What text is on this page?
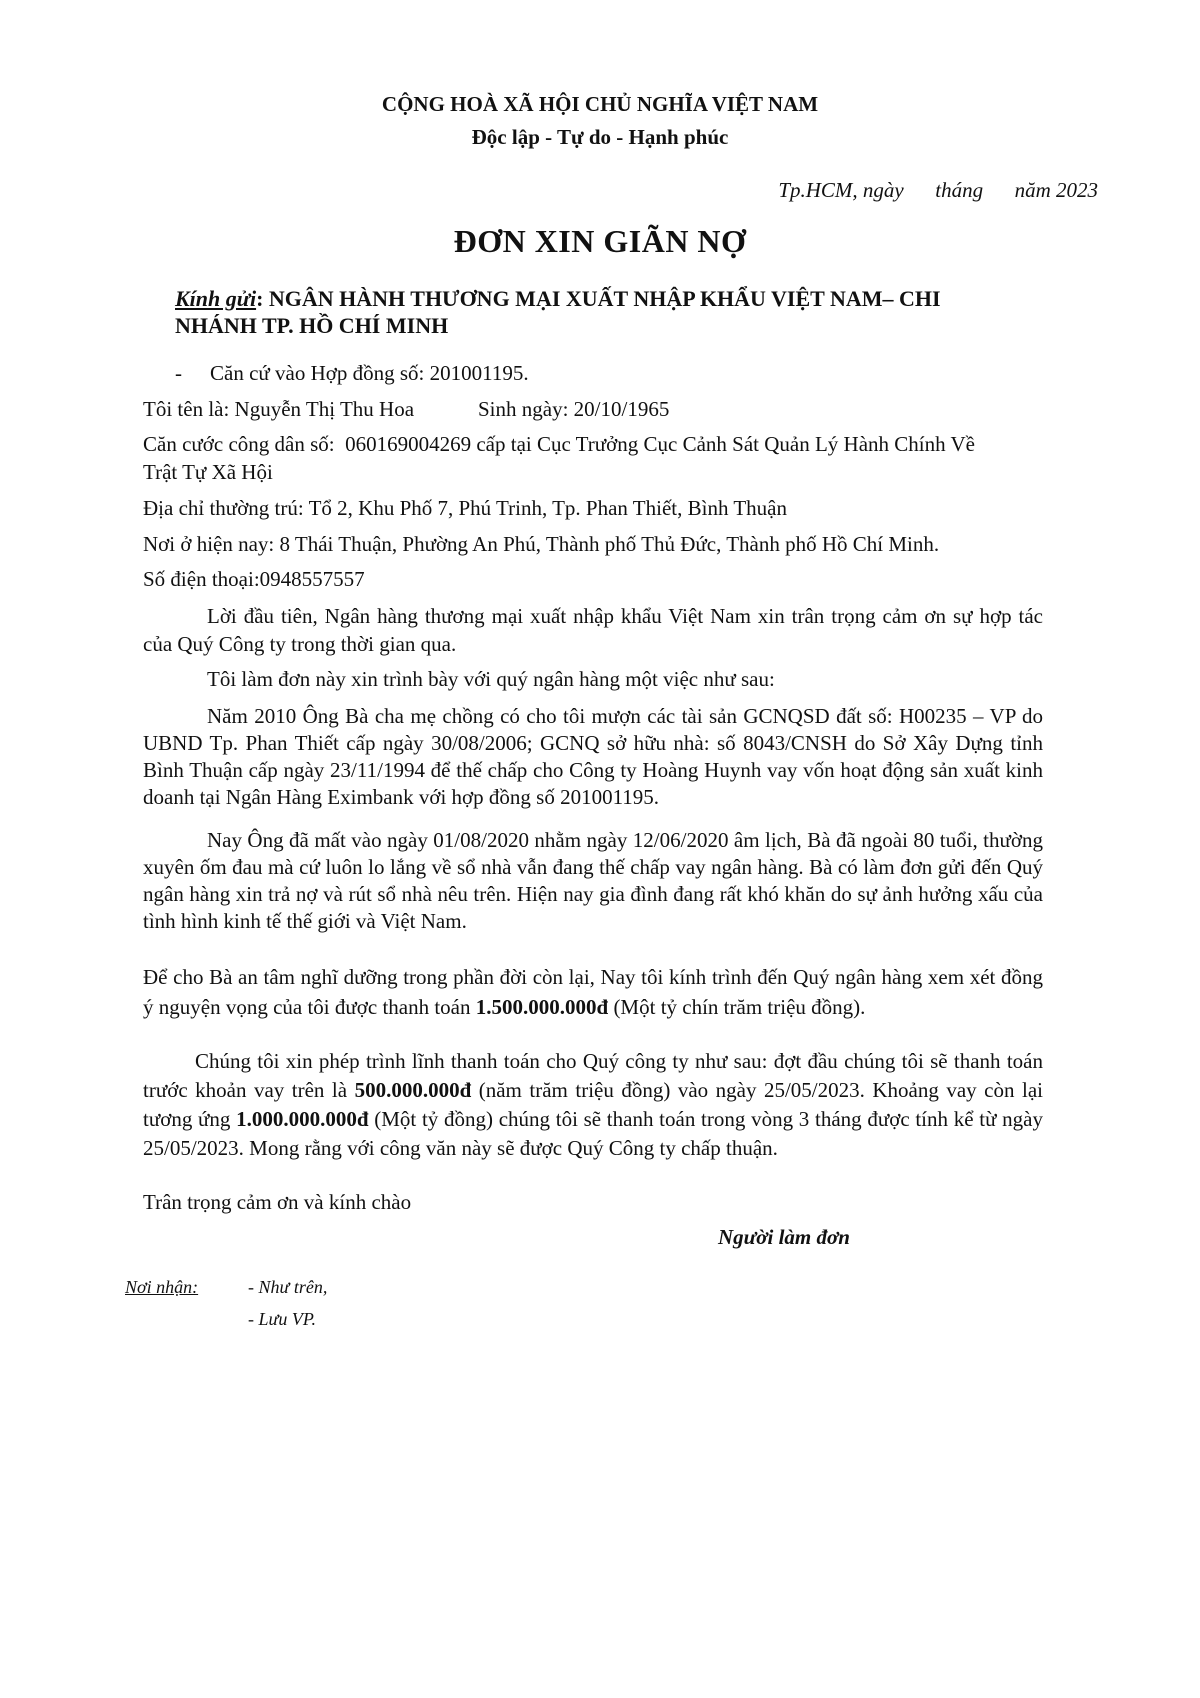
CỘNG HOÀ XÃ HỘI CHỦ NGHĨA VIỆT NAM
Độc lập - Tự do - Hạnh phúc
Tp.HCM, ngày      tháng      năm 2023
ĐƠN XIN GIÃN NỢ
Kính gửi: NGÂN HÀNH THƯƠNG MẠI XUẤT NHẬP KHẨU VIỆT NAM– CHI
NHÁNH TP. HỒ CHÍ MINH
- Căn cứ vào Hợp đồng số: 201001195.
Tôi tên là: Nguyễn Thị Thu Hoa	Sinh ngày: 20/10/1965
Căn cước công dân số:  060169004269 cấp tại Cục Trưởng Cục Cảnh Sát Quản Lý Hành Chính Về
Trật Tự Xã Hội
Địa chỉ thường trú: Tổ 2, Khu Phố 7, Phú Trinh, Tp. Phan Thiết, Bình Thuận
Nơi ở hiện nay: 8 Thái Thuận, Phường An Phú, Thành phố Thủ Đức, Thành phố Hồ Chí Minh.
Số điện thoại:0948557557
Lời đầu tiên, Ngân hàng thương mại xuất nhập khẩu Việt Nam xin trân trọng cảm ơn sự hợp tác của Quý Công ty trong thời gian qua.
Tôi làm đơn này xin trình bày với quý ngân hàng một việc như sau:
Năm 2010 Ông Bà cha mẹ chồng có cho tôi mượn các tài sản GCNQSD đất số: H00235 – VP do UBND Tp. Phan Thiết cấp ngày 30/08/2006; GCNQ sở hữu nhà: số 8043/CNSH do Sở Xây Dựng tỉnh Bình Thuận cấp ngày 23/11/1994 để thế chấp cho Công ty Hoàng Huynh vay vốn hoạt động sản xuất kinh doanh tại Ngân Hàng Eximbank với hợp đồng số 201001195.
Nay Ông đã mất vào ngày 01/08/2020 nhằm ngày 12/06/2020 âm lịch, Bà đã ngoài 80 tuổi, thường xuyên ốm đau mà cứ luôn lo lắng về sổ nhà vẫn đang thế chấp vay ngân hàng. Bà có làm đơn gửi đến Quý ngân hàng xin trả nợ và rút sổ nhà nêu trên. Hiện nay gia đình đang rất khó khăn do sự ảnh hưởng xấu của tình hình kinh tế thế giới và Việt Nam.
Để cho Bà an tâm nghĩ dưỡng trong phần đời còn lại, Nay tôi kính trình đến Quý ngân hàng xem xét đồng ý nguyện vọng của tôi được thanh toán 1.500.000.000đ (Một tỷ chín trăm triệu đồng).
Chúng tôi xin phép trình lĩnh thanh toán cho Quý công ty như sau: đợt đầu chúng tôi sẽ thanh toán trước khoản vay trên là 500.000.000đ (năm trăm triệu đồng) vào ngày 25/05/2023. Khoảng vay còn lại tương ứng 1.000.000.000đ (Một tỷ đồng) chúng tôi sẽ thanh toán trong vòng 3 tháng được tính kể từ ngày 25/05/2023. Mong rằng với công văn này sẽ được Quý Công ty chấp thuận.
Trân trọng cảm ơn và kính chào
Người làm đơn
Nơi nhận:	- Như trên,
- Lưu VP.
